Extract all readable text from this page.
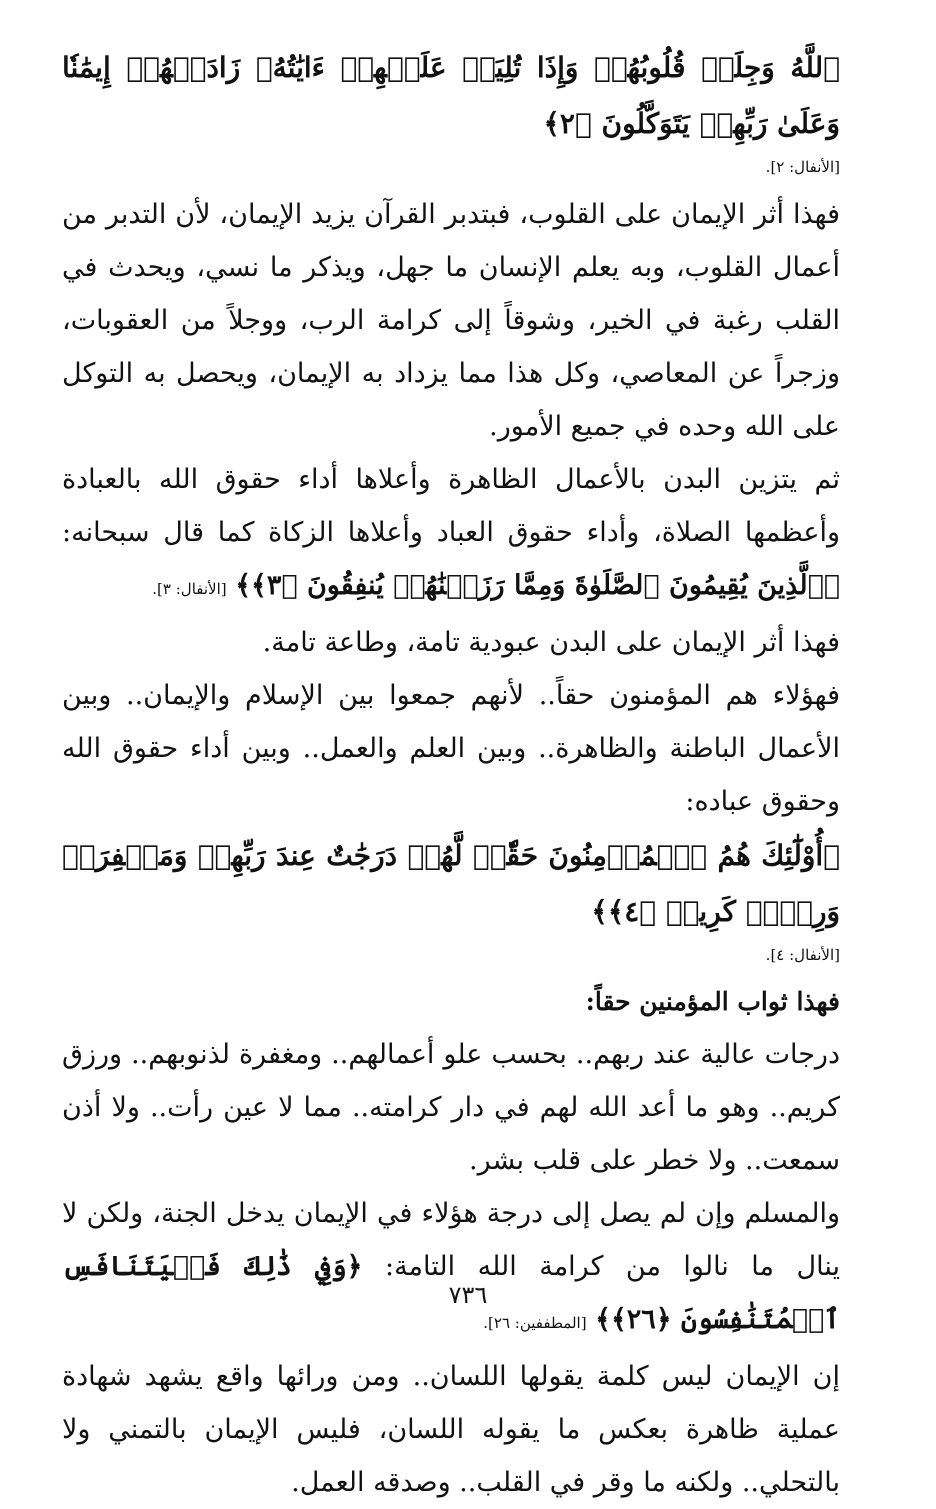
ٱللَّهُ وَجِلَتۡ قُلُوبُهُمۡ وَإِذَا تُلِيَتۡ عَلَيۡهِمۡ ءَايَٰتُهُۥ زَادَتۡهُمۡ إِيمَٰنٗا وَعَلَىٰ رَبِّهِمۡ يَتَوَكَّلُونَ ﴿٢﴾

[الأنفال: ٢].

فهذا أثر الإيمان على القلوب، فبتدبر القرآن يزيد الإيمان، لأن التدبر من أعمال القلوب، وبه يعلم الإنسان ما جهل، ويذكر ما نسي، ويحدث في القلب رغبة في الخير، وشوقاً إلى كرامة الرب، ووجلاً من العقوبات، وزجراً عن المعاصي، وكل هذا مما يزداد به الإيمان، ويحصل به التوكل على الله وحده في جميع الأمور.

ثم يتزين البدن بالأعمال الظاهرة وأعلاها أداء حقوق الله بالعبادة وأعظمها الصلاة، وأداء حقوق العباد وأعلاها الزكاة كما قال سبحانه: ﴿ٱلَّذِينَ يُقِيمُونَ ٱلصَّلَوٰةَ وَمِمَّا رَزَقۡنَٰهُمۡ يُنفِقُونَ ﴿٣﴾﴾ [الأنفال: ٣].

فهذا أثر الإيمان على البدن عبودية تامة، وطاعة تامة.

فهؤلاء هم المؤمنون حقاً.. لأنهم جمعوا بين الإسلام والإيمان.. وبين الأعمال الباطنة والظاهرة.. وبين العلم والعمل.. وبين أداء حقوق الله وحقوق عباده:

﴿أُوْلَٰٓئِكَ هُمُ ٱلۡمُؤۡمِنُونَ حَقّٗاۚ لَّهُمۡ دَرَجَٰتٌ عِندَ رَبِّهِمۡ وَمَغۡفِرَةٞ وَرِزۡقٞ كَرِيمٞ ﴿٤﴾﴾

[الأنفال: ٤].

فهذا ثواب المؤمنين حقاً:

درجات عالية عند ربهم.. بحسب علو أعمالهم.. ومغفرة لذنوبهم.. ورزق كريم.. وهو ما أعد الله لهم في دار كرامته.. مما لا عين رأت.. ولا أذن سمعت.. ولا خطر على قلب بشر.

والمسلم وإن لم يصل إلى درجة هؤلاء في الإيمان يدخل الجنة، ولكن لا ينال ما نالوا من كرامة الله التامة: ﴿وَفِي ذَٰلِكَ فَلۡيَتَنَافَسِ ٱلۡمُتَنَٰفِسُونَ ﴿٢٦﴾﴾ [المطففين: ٢٦].

إن الإيمان ليس كلمة يقولها اللسان.. ومن ورائها واقع يشهد شهادة عملية ظاهرة بعكس ما يقوله اللسان، فليس الإيمان بالتمني ولا بالتحلي.. ولكنه ما وقر في القلب.. وصدقه العمل.

٧٣٦
